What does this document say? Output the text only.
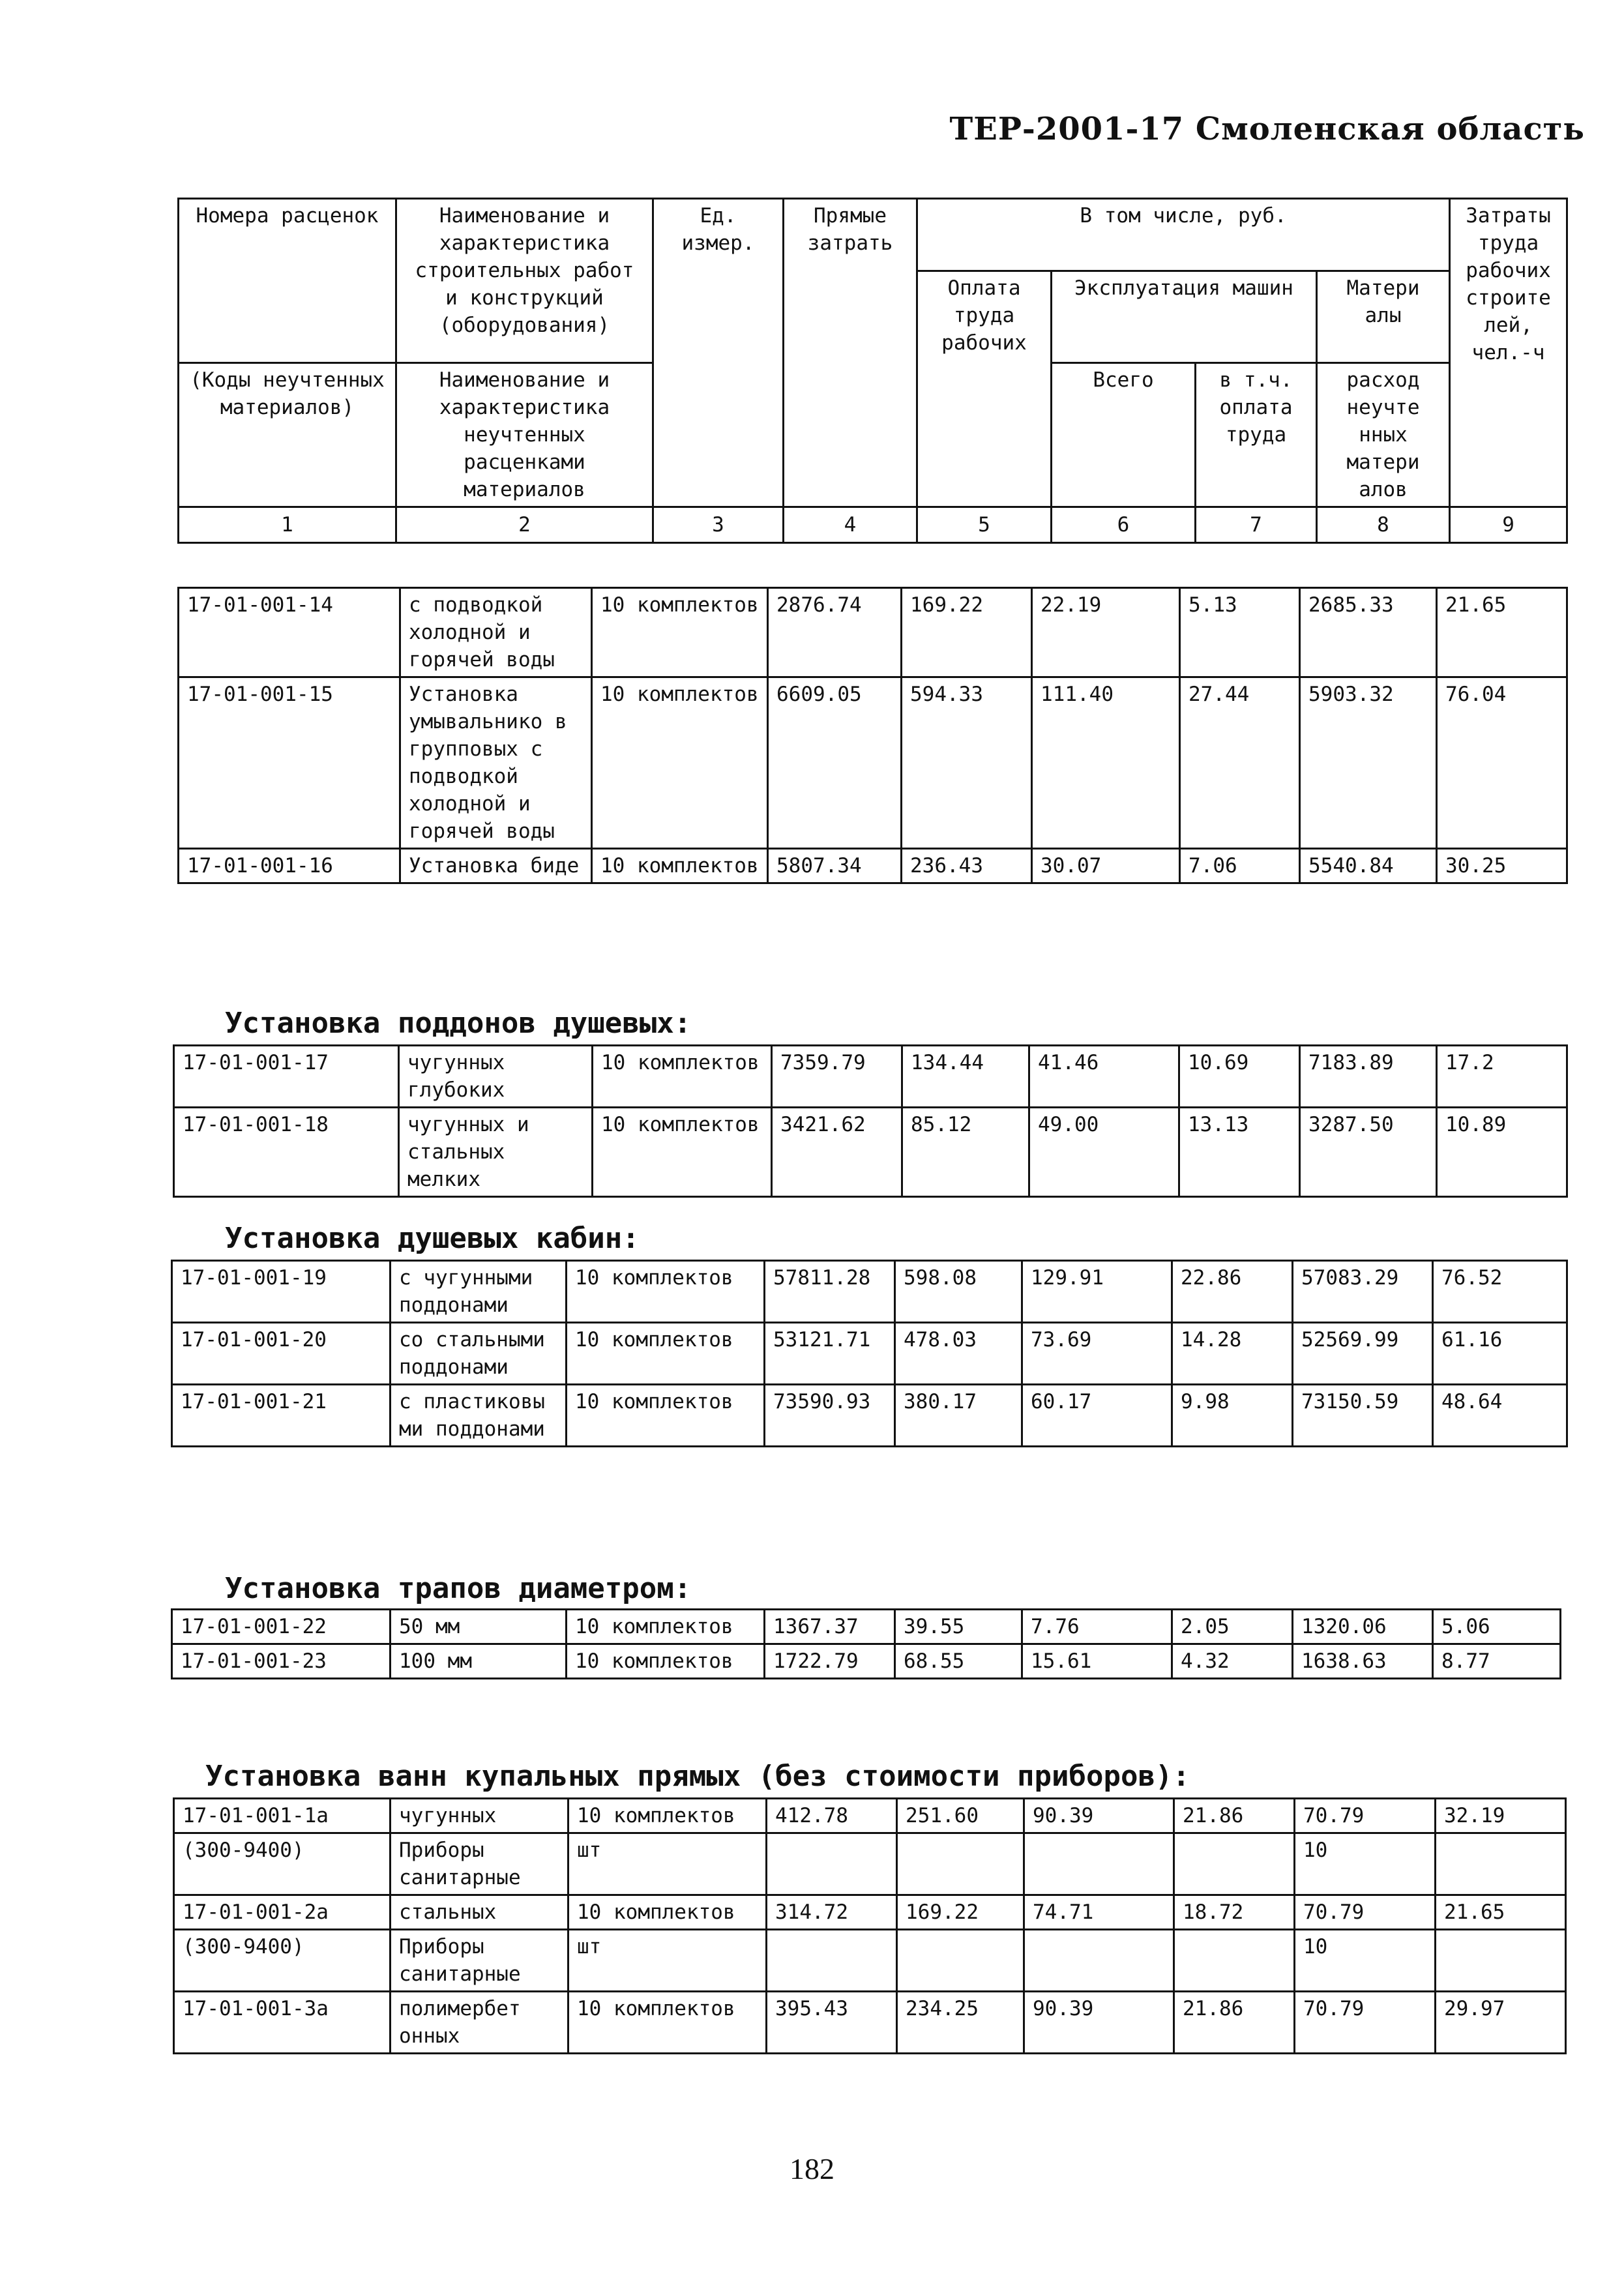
ТЕР-2001-17 Смоленская область
Номера расценок	Наименование и характеристика строительных работ и конструкций (оборудования)	Ед. измер.	Прямые затрать	В том числе, руб.				Затраты труда рабочих строите лей, чел.-ч
				Оплата труда рабочих	Эксплуатация машин		Матери алы	
(Коды неучтенных материалов)	Наименование и характеристика неучтенных расценками материалов				Всего	в т.ч. оплата труда	расход неучте нных матери алов	
1	2	3	4	5	6	7	8	9
17-01-001-14	с подводкой холодной и горячей воды	10 комплектов	2876.74	169.22	22.19	5.13	2685.33	21.65
17-01-001-15	Установка умывальнико в групповых с подводкой холодной и горячей воды	10 комплектов	6609.05	594.33	111.40	27.44	5903.32	76.04
17-01-001-16	Установка биде	10 комплектов	5807.34	236.43	30.07	7.06	5540.84	30.25
Установка поддонов душевых:
17-01-001-17	чугунных глубоких	10 комплектов	7359.79	134.44	41.46	10.69	7183.89	17.2
17-01-001-18	чугунных и стальных мелких	10 комплектов	3421.62	85.12	49.00	13.13	3287.50	10.89
Установка душевых кабин:
17-01-001-19	с чугунными поддонами	10 комплектов	57811.28	598.08	129.91	22.86	57083.29	76.52
17-01-001-20	со стальными поддонами	10 комплектов	53121.71	478.03	73.69	14.28	52569.99	61.16
17-01-001-21	с пластиковы ми поддонами	10 комплектов	73590.93	380.17	60.17	9.98	73150.59	48.64
Установка трапов диаметром:
17-01-001-22	50 мм	10 комплектов	1367.37	39.55	7.76	2.05	1320.06	5.06
17-01-001-23	100 мм	10 комплектов	1722.79	68.55	15.61	4.32	1638.63	8.77
Установка ванн купальных прямых (без стоимости приборов):
17-01-001-1а	чугунных	10 комплектов	412.78	251.60	90.39	21.86	70.79	32.19
(300-9400)	Приборы санитарные	шт					10	
17-01-001-2а	стальных	10 комплектов	314.72	169.22	74.71	18.72	70.79	21.65
(300-9400)	Приборы санитарные	шт					10	
17-01-001-3а	полимербет онных	10 комплектов	395.43	234.25	90.39	21.86	70.79	29.97

182
